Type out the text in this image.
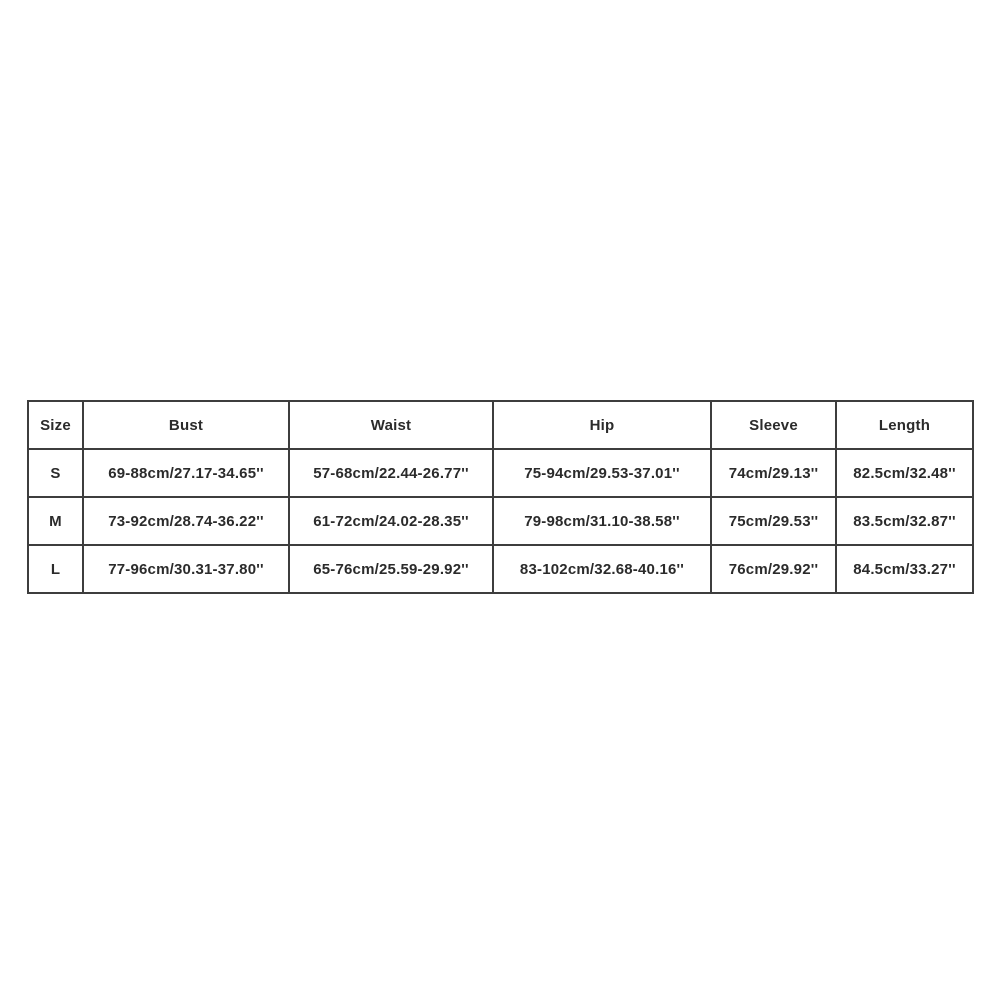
Size	Bust	Waist	Hip	Sleeve	Length
S	69-88cm/27.17-34.65''	57-68cm/22.44-26.77''	75-94cm/29.53-37.01''	74cm/29.13''	82.5cm/32.48''
M	73-92cm/28.74-36.22''	61-72cm/24.02-28.35''	79-98cm/31.10-38.58''	75cm/29.53''	83.5cm/32.87''
L	77-96cm/30.31-37.80''	65-76cm/25.59-29.92''	83-102cm/32.68-40.16''	76cm/29.92''	84.5cm/33.27''
